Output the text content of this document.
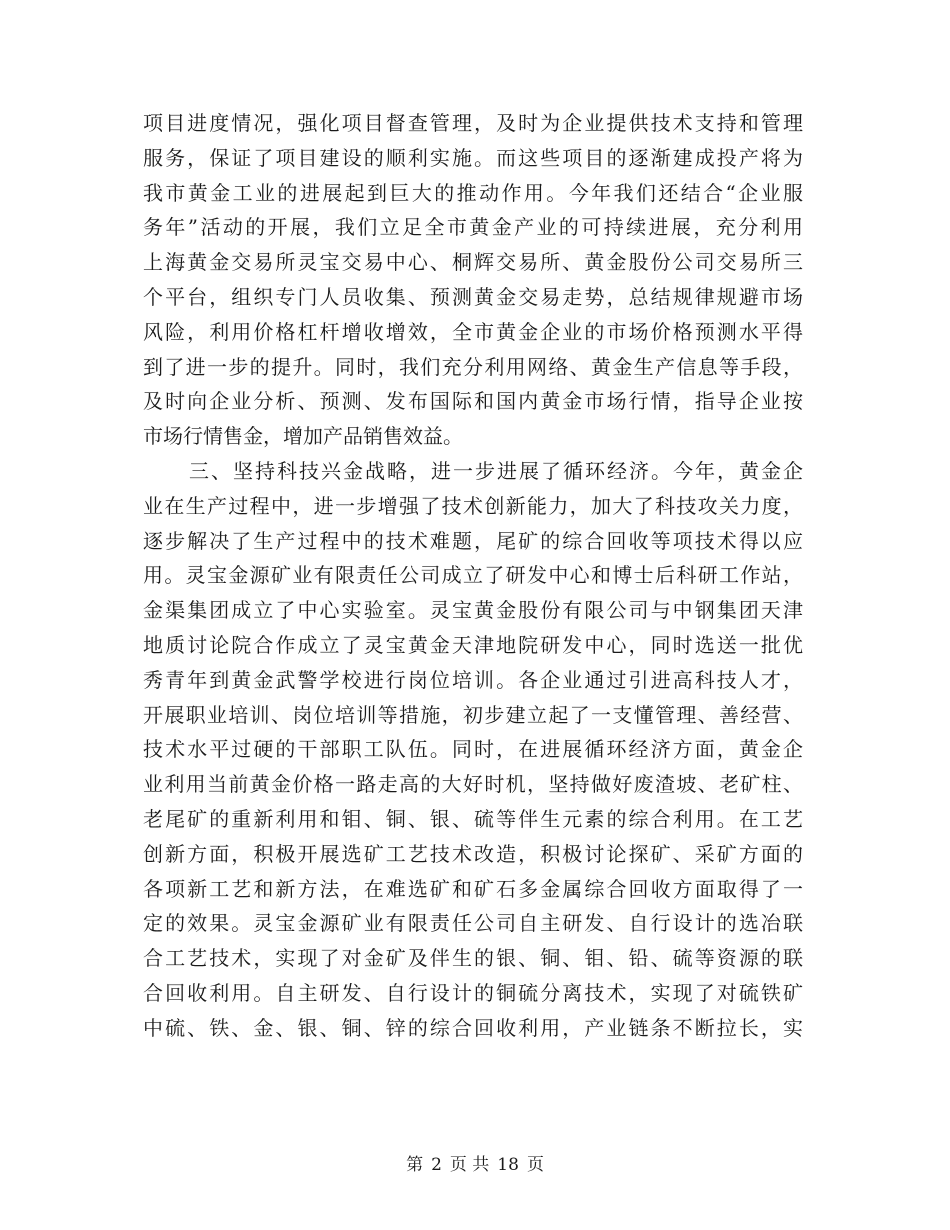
项目进度情况，强化项目督查管理，及时为企业提供技术支持和管理
服务，保证了项目建设的顺利实施。而这些项目的逐渐建成投产将为
我市黄金工业的进展起到巨大的推动作用。今年我们还结合“企业服
务年”活动的开展，我们立足全市黄金产业的可持续进展，充分利用
上海黄金交易所灵宝交易中心、桐辉交易所、黄金股份公司交易所三
个平台，组织专门人员收集、预测黄金交易走势，总结规律规避市场
风险，利用价格杠杆增收增效，全市黄金企业的市场价格预测水平得
到了进一步的提升。同时，我们充分利用网络、黄金生产信息等手段，
及时向企业分析、预测、发布国际和国内黄金市场行情，指导企业按
市场行情售金，增加产品销售效益。
三、坚持科技兴金战略，进一步进展了循环经济。今年，黄金企
业在生产过程中，进一步增强了技术创新能力，加大了科技攻关力度，
逐步解决了生产过程中的技术难题，尾矿的综合回收等项技术得以应
用。灵宝金源矿业有限责任公司成立了研发中心和博士后科研工作站，
金渠集团成立了中心实验室。灵宝黄金股份有限公司与中钢集团天津
地质讨论院合作成立了灵宝黄金天津地院研发中心，同时选送一批优
秀青年到黄金武警学校进行岗位培训。各企业通过引进高科技人才，
开展职业培训、岗位培训等措施，初步建立起了一支懂管理、善经营、
技术水平过硬的干部职工队伍。同时，在进展循环经济方面，黄金企
业利用当前黄金价格一路走高的大好时机，坚持做好废渣坡、老矿柱、
老尾矿的重新利用和钼、铜、银、硫等伴生元素的综合利用。在工艺
创新方面，积极开展选矿工艺技术改造，积极讨论探矿、采矿方面的
各项新工艺和新方法，在难选矿和矿石多金属综合回收方面取得了一
定的效果。灵宝金源矿业有限责任公司自主研发、自行设计的选冶联
合工艺技术，实现了对金矿及伴生的银、铜、钼、铅、硫等资源的联
合回收利用。自主研发、自行设计的铜硫分离技术，实现了对硫铁矿
中硫、铁、金、银、铜、锌的综合回收利用，产业链条不断拉长，实
第 2 页 共 18 页
